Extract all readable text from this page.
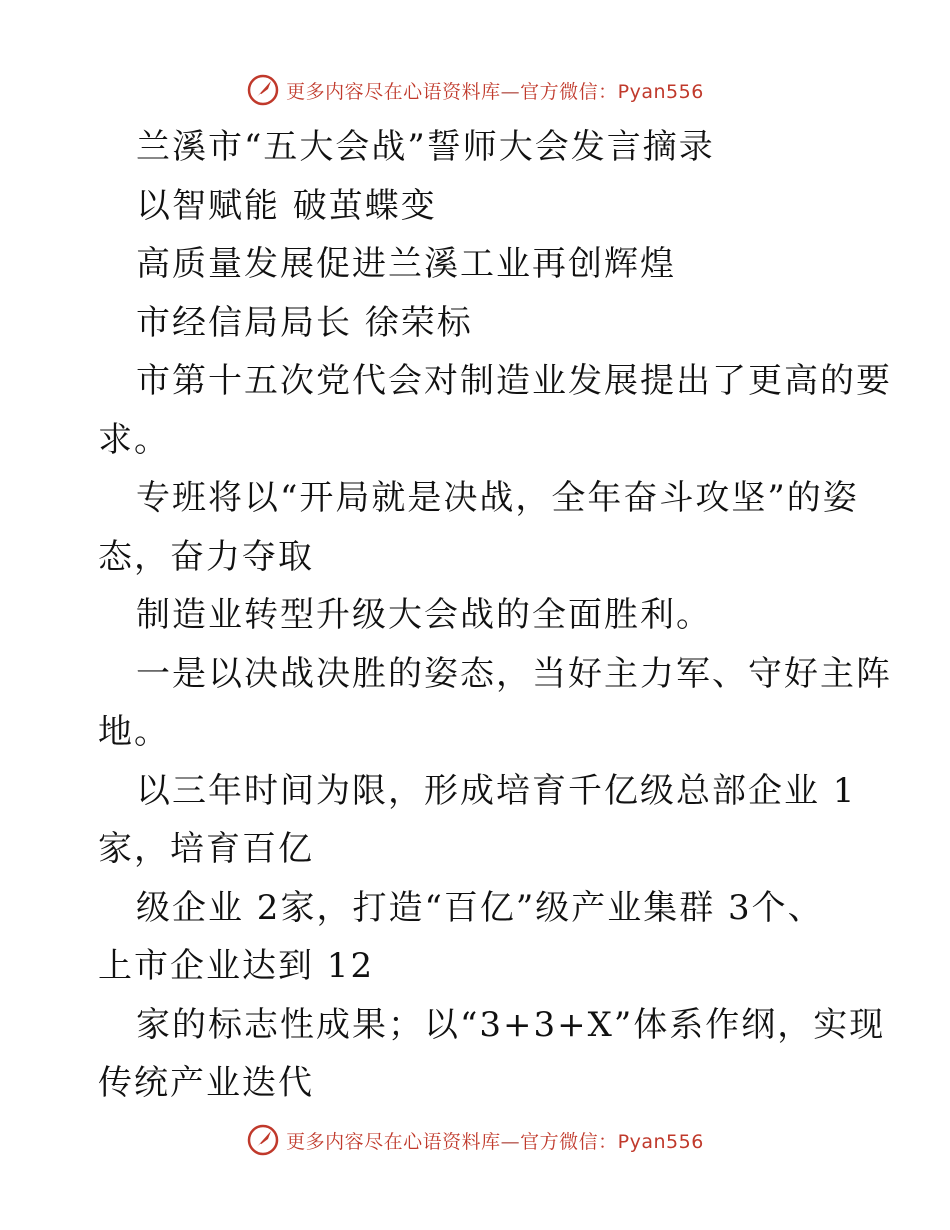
更多内容尽在心语资料库—官方微信：Pyan556
兰溪市“五大会战”誓师大会发言摘录
以智赋能 破茧蝶变
高质量发展促进兰溪工业再创辉煌
市经信局局长 徐荣标
市第十五次党代会对制造业发展提出了更高的要
求。
专班将以“开局就是决战，全年奋斗攻坚”的姿
态，奋力夺取
制造业转型升级大会战的全面胜利。
一是以决战决胜的姿态，当好主力军、守好主阵
地。
以三年时间为限，形成培育千亿级总部企业 1
家，培育百亿
级企业 2家，打造“百亿”级产业集群 3个、
上市企业达到 12
家的标志性成果；以“3+3+X”体系作纲，实现
传统产业迭代
更多内容尽在心语资料库—官方微信：Pyan556
